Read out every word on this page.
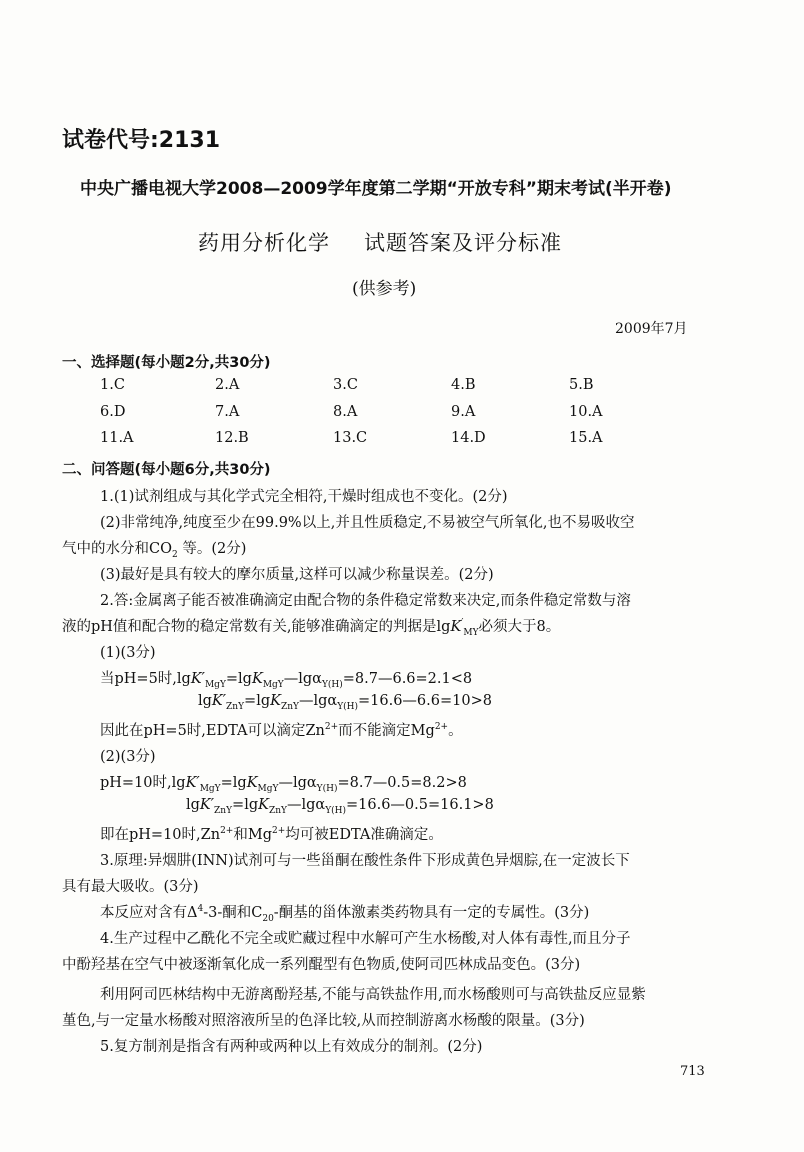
试卷代号:2131
中央广播电视大学2008—2009学年度第二学期“开放专科”期末考试(半开卷)
药用分析化学 试题答案及评分标准
(供参考)
2009年7月
一、选择题(每小题2分,共30分)
1.C	2.A	3.C	4.B	5.B
6.D	7.A	8.A	9.A	10.A
11.A	12.B	13.C	14.D	15.A
二、问答题(每小题6分,共30分)
1.(1)试剂组成与其化学式完全相符,干燥时组成也不变化。(2分)
(2)非常纯净,纯度至少在99.9%以上,并且性质稳定,不易被空气所氧化,也不易吸收空
气中的水分和$CO_2$ 等。(2分)
(3)最好是具有较大的摩尔质量,这样可以减少称量误差。(2分)
2.答:金属离子能否被准确滴定由配合物的条件稳定常数来决定,而条件稳定常数与溶
液的pH值和配合物的稳定常数有关,能够准确滴定的判据是lgK′$_{MY}$必须大于8。
(1)(3分)
当pH=5时$,\lg K'_{MgY}=\lg K_{MgY}—\lg\alpha_{Y(H)}=8.7—6.6=2.1<8$
$\lg K'_{ZnY}=\lg K_{ZnY}—\lg\alpha_{Y(H)}=16.6—6.6=10>8$
因此在pH=5时,EDTA可以滴定$Zn^{2+}$而不能滴定$Mg^{2+}$。
(2)(3分)
pH=10时$,\lg K'_{MgY}=\lg K_{MgY}—\lg\alpha_{Y(H)}=8.7—0.5=8.2>8$
$\lg K'_{ZnY}=\lg K_{ZnY}—\lg\alpha_{Y(H)}=16.6—0.5=16.1>8$
即在pH=10时$,Zn^{2+}$和$Mg^{2+}$均可被EDTA准确滴定。
3.原理:异烟肼(INN)试剂可与一些甾酮在酸性条件下形成黄色异烟腙,在一定波长下
具有最大吸收。(3分)
本反应对含有$\Delta^4-3-$酮和$C_{20}-$酮基的甾体激素类药物具有一定的专属性。(3分)
4.生产过程中乙酰化不完全或贮藏过程中水解可产生水杨酸,对人体有毒性,而且分子
中酚羟基在空气中被逐渐氧化成一系列醌型有色物质,使阿司匹林成品变色。(3分)
利用阿司匹林结构中无游离酚羟基,不能与高铁盐作用,而水杨酸则可与高铁盐反应显紫
堇色,与一定量水杨酸对照溶液所呈的色泽比较,从而控制游离水杨酸的限量。(3分)
5.复方制剂是指含有两种或两种以上有效成分的制剂。(2分)
713
